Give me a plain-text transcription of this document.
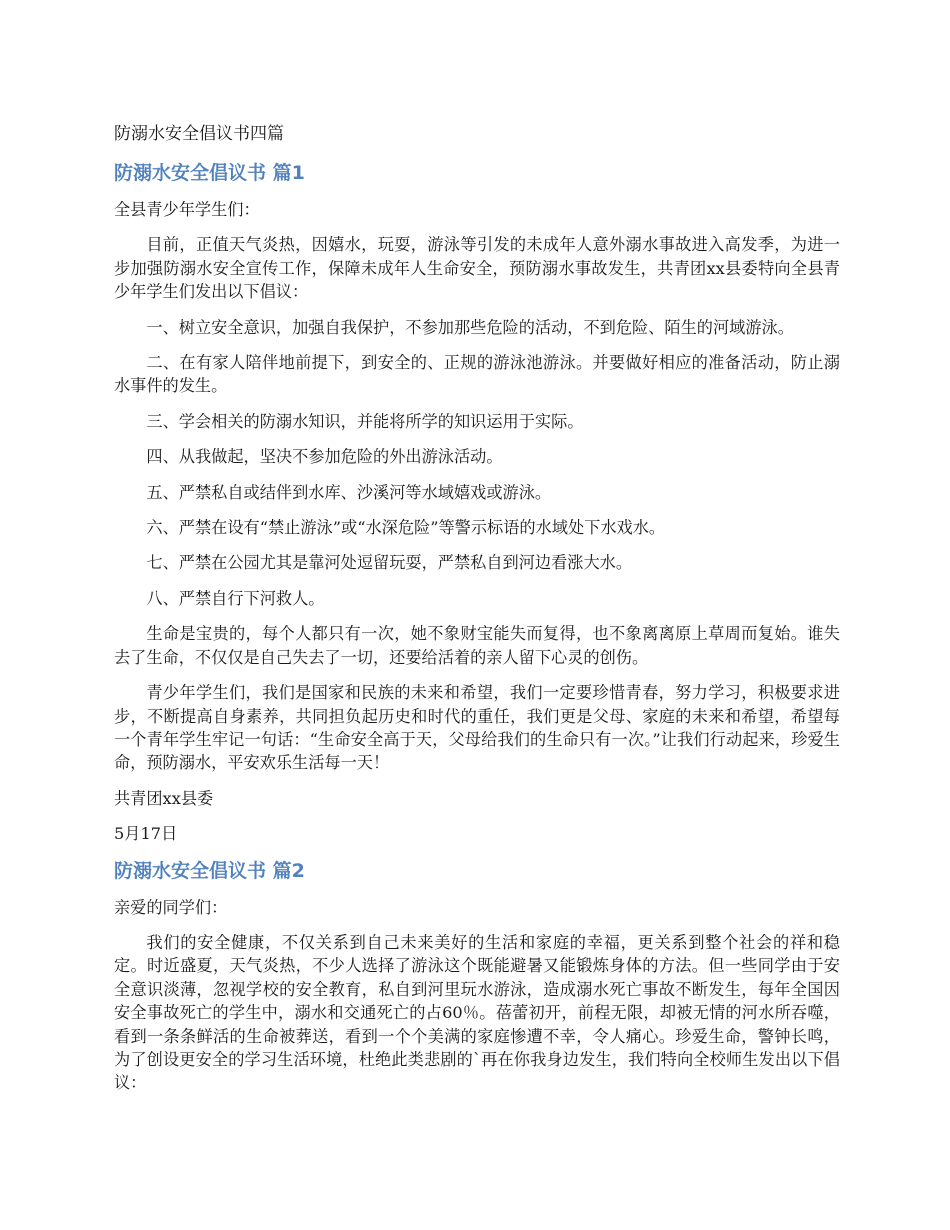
防溺水安全倡议书四篇
防溺水安全倡议书 篇1

全县青少年学生们：

目前，正值天气炎热，因嬉水，玩耍，游泳等引发的未成年人意外溺水事故进入高发季，为进一步加强防溺水安全宣传工作，保障未成年人生命安全，预防溺水事故发生，共青团xx县委特向全县青少年学生们发出以下倡议：

一、树立安全意识，加强自我保护，不参加那些危险的活动，不到危险、陌生的河域游泳。

二、在有家人陪伴地前提下，到安全的、正规的游泳池游泳。并要做好相应的准备活动，防止溺水事件的发生。

三、学会相关的防溺水知识，并能将所学的知识运用于实际。

四、从我做起，坚决不参加危险的外出游泳活动。

五、严禁私自或结伴到水库、沙溪河等水域嬉戏或游泳。

六、严禁在设有“禁止游泳”或“水深危险”等警示标语的水域处下水戏水。

七、严禁在公园尤其是靠河处逗留玩耍，严禁私自到河边看涨大水。

八、严禁自行下河救人。

生命是宝贵的，每个人都只有一次，她不象财宝能失而复得，也不象离离原上草周而复始。谁失去了生命，不仅仅是自己失去了一切，还要给活着的亲人留下心灵的创伤。

青少年学生们，我们是国家和民族的未来和希望，我们一定要珍惜青春，努力学习，积极要求进步，不断提高自身素养，共同担负起历史和时代的重任，我们更是父母、家庭的未来和希望，希望每一个青年学生牢记一句话：“生命安全高于天，父母给我们的生命只有一次。”让我们行动起来，珍爱生命，预防溺水，平安欢乐生活每一天！

共青团xx县委

5月17日

防溺水安全倡议书 篇2

亲爱的同学们：

我们的安全健康，不仅关系到自己未来美好的生活和家庭的幸福，更关系到整个社会的祥和稳定。时近盛夏，天气炎热，不少人选择了游泳这个既能避暑又能锻炼身体的方法。但一些同学由于安全意识淡薄，忽视学校的安全教育，私自到河里玩水游泳，造成溺水死亡事故不断发生，每年全国因安全事故死亡的学生中，溺水和交通死亡的占60％。蓓蕾初开，前程无限，却被无情的河水所吞噬，看到一条条鲜活的生命被葬送，看到一个个美满的家庭惨遭不幸，令人痛心。珍爱生命，警钟长鸣，为了创设更安全的学习生活环境，杜绝此类悲剧的`再在你我身边发生，我们特向全校师生发出以下倡议：
